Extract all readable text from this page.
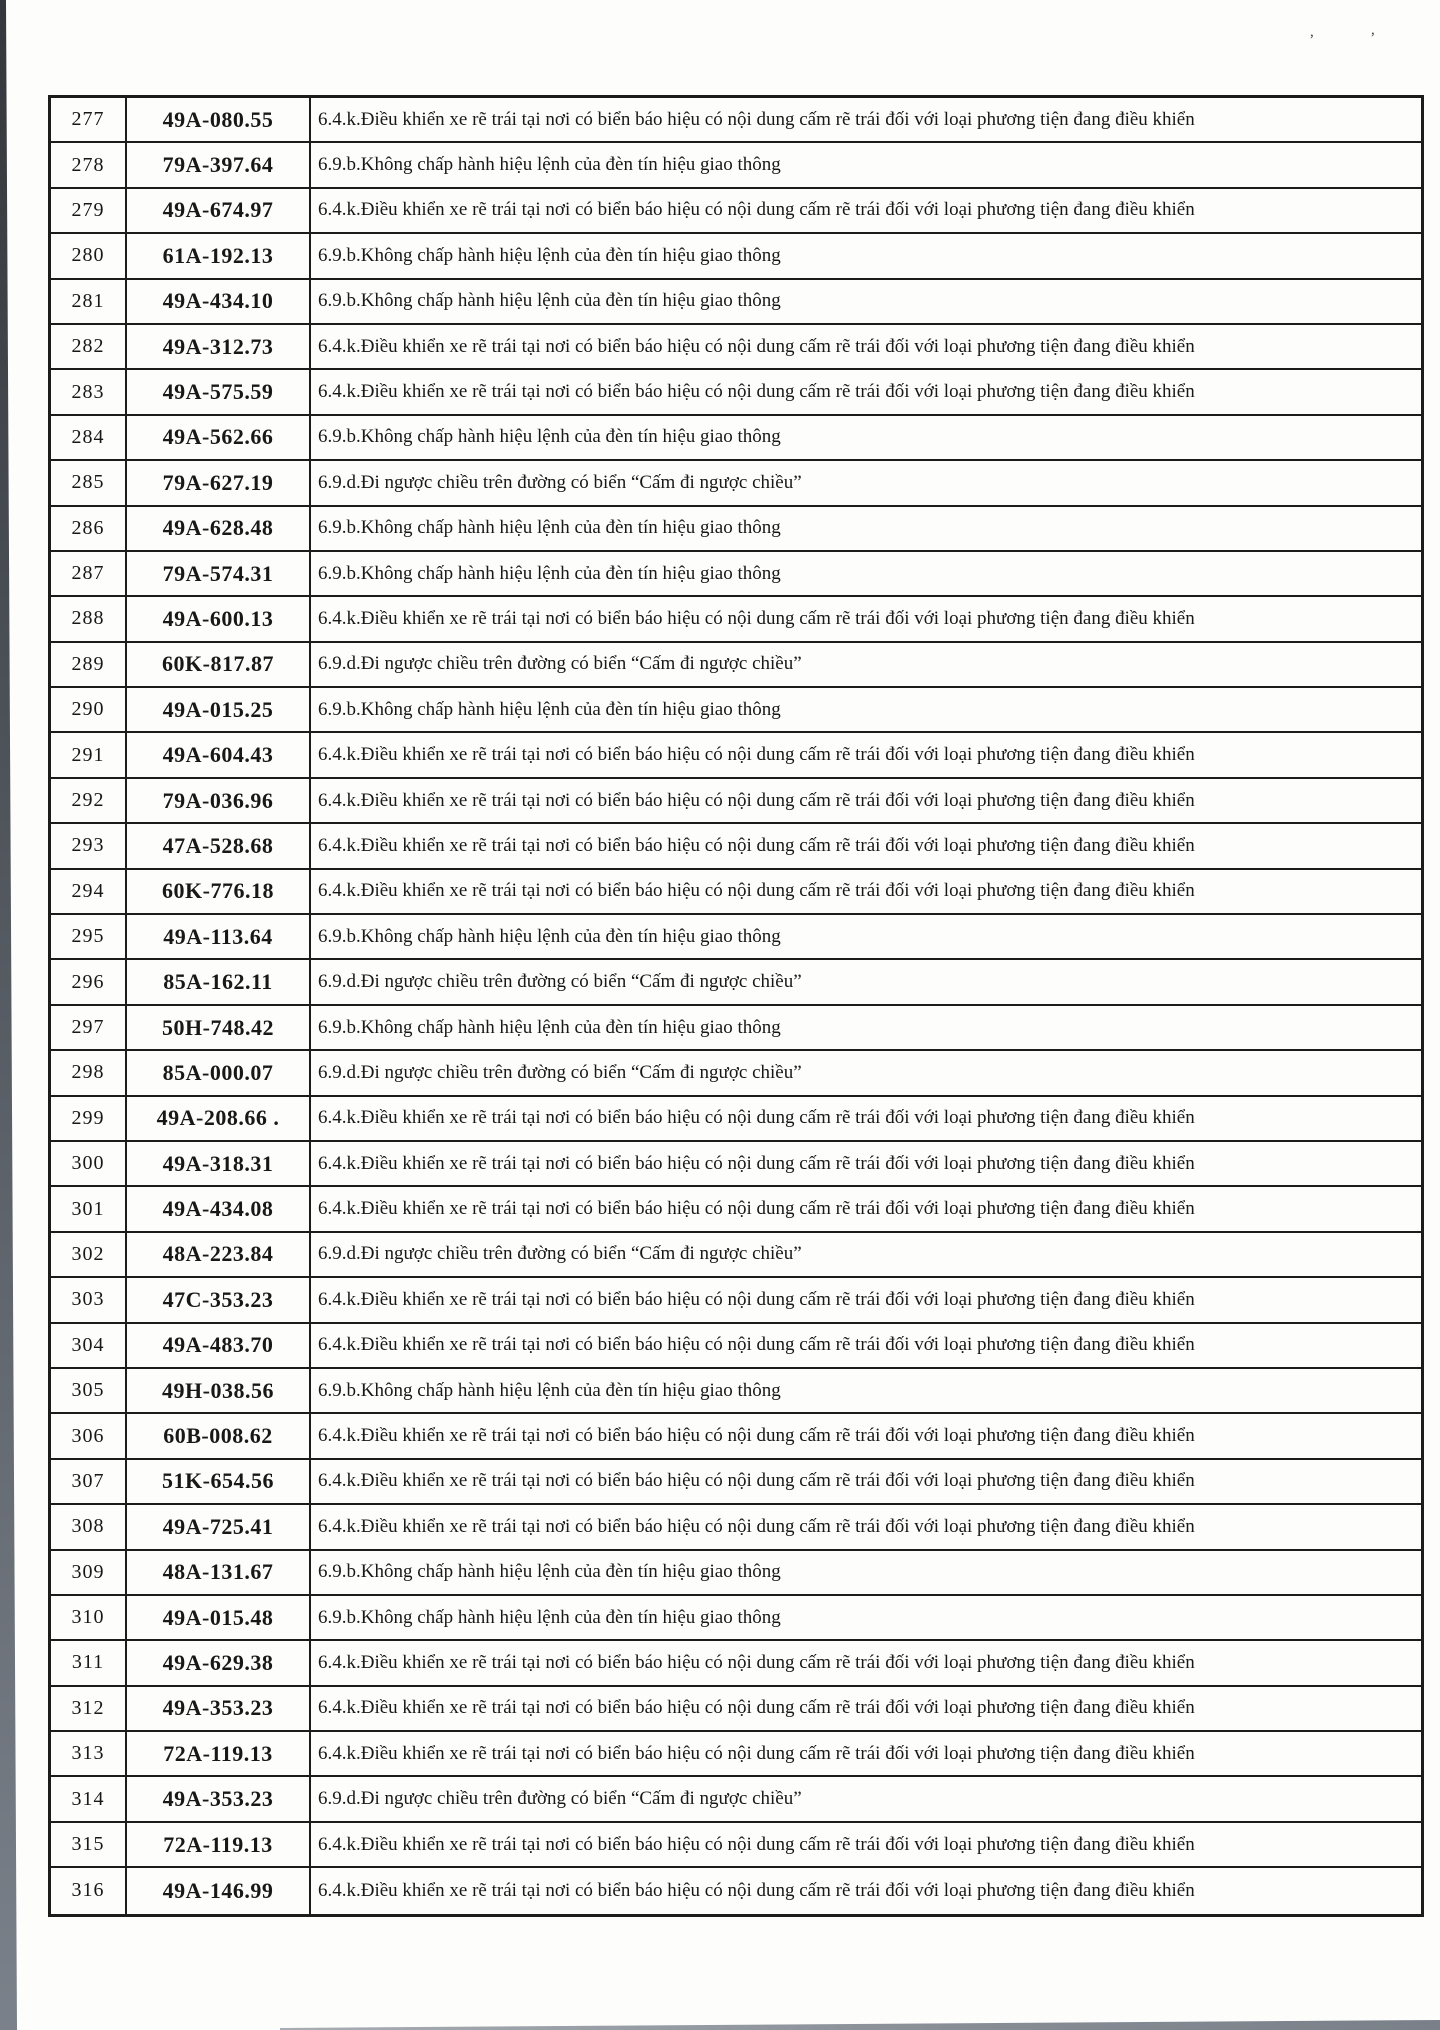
,	,
277	49A-080.55	6.4.k.Điều khiển xe rẽ trái tại nơi có biển báo hiệu có nội dung cấm rẽ trái đối với loại phương tiện đang điều khiển
278	79A-397.64	6.9.b.Không chấp hành hiệu lệnh của đèn tín hiệu giao thông
279	49A-674.97	6.4.k.Điều khiển xe rẽ trái tại nơi có biển báo hiệu có nội dung cấm rẽ trái đối với loại phương tiện đang điều khiển
280	61A-192.13	6.9.b.Không chấp hành hiệu lệnh của đèn tín hiệu giao thông
281	49A-434.10	6.9.b.Không chấp hành hiệu lệnh của đèn tín hiệu giao thông
282	49A-312.73	6.4.k.Điều khiển xe rẽ trái tại nơi có biển báo hiệu có nội dung cấm rẽ trái đối với loại phương tiện đang điều khiển
283	49A-575.59	6.4.k.Điều khiển xe rẽ trái tại nơi có biển báo hiệu có nội dung cấm rẽ trái đối với loại phương tiện đang điều khiển
284	49A-562.66	6.9.b.Không chấp hành hiệu lệnh của đèn tín hiệu giao thông
285	79A-627.19	6.9.d.Đi ngược chiều trên đường có biển “Cấm đi ngược chiều”
286	49A-628.48	6.9.b.Không chấp hành hiệu lệnh của đèn tín hiệu giao thông
287	79A-574.31	6.9.b.Không chấp hành hiệu lệnh của đèn tín hiệu giao thông
288	49A-600.13	6.4.k.Điều khiển xe rẽ trái tại nơi có biển báo hiệu có nội dung cấm rẽ trái đối với loại phương tiện đang điều khiển
289	60K-817.87	6.9.d.Đi ngược chiều trên đường có biển “Cấm đi ngược chiều”
290	49A-015.25	6.9.b.Không chấp hành hiệu lệnh của đèn tín hiệu giao thông
291	49A-604.43	6.4.k.Điều khiển xe rẽ trái tại nơi có biển báo hiệu có nội dung cấm rẽ trái đối với loại phương tiện đang điều khiển
292	79A-036.96	6.4.k.Điều khiển xe rẽ trái tại nơi có biển báo hiệu có nội dung cấm rẽ trái đối với loại phương tiện đang điều khiển
293	47A-528.68	6.4.k.Điều khiển xe rẽ trái tại nơi có biển báo hiệu có nội dung cấm rẽ trái đối với loại phương tiện đang điều khiển
294	60K-776.18	6.4.k.Điều khiển xe rẽ trái tại nơi có biển báo hiệu có nội dung cấm rẽ trái đối với loại phương tiện đang điều khiển
295	49A-113.64	6.9.b.Không chấp hành hiệu lệnh của đèn tín hiệu giao thông
296	85A-162.11	6.9.d.Đi ngược chiều trên đường có biển “Cấm đi ngược chiều”
297	50H-748.42	6.9.b.Không chấp hành hiệu lệnh của đèn tín hiệu giao thông
298	85A-000.07	6.9.d.Đi ngược chiều trên đường có biển “Cấm đi ngược chiều”
299	49A-208.66 .	6.4.k.Điều khiển xe rẽ trái tại nơi có biển báo hiệu có nội dung cấm rẽ trái đối với loại phương tiện đang điều khiển
300	49A-318.31	6.4.k.Điều khiển xe rẽ trái tại nơi có biển báo hiệu có nội dung cấm rẽ trái đối với loại phương tiện đang điều khiển
301	49A-434.08	6.4.k.Điều khiển xe rẽ trái tại nơi có biển báo hiệu có nội dung cấm rẽ trái đối với loại phương tiện đang điều khiển
302	48A-223.84	6.9.d.Đi ngược chiều trên đường có biển “Cấm đi ngược chiều”
303	47C-353.23	6.4.k.Điều khiển xe rẽ trái tại nơi có biển báo hiệu có nội dung cấm rẽ trái đối với loại phương tiện đang điều khiển
304	49A-483.70	6.4.k.Điều khiển xe rẽ trái tại nơi có biển báo hiệu có nội dung cấm rẽ trái đối với loại phương tiện đang điều khiển
305	49H-038.56	6.9.b.Không chấp hành hiệu lệnh của đèn tín hiệu giao thông
306	60B-008.62	6.4.k.Điều khiển xe rẽ trái tại nơi có biển báo hiệu có nội dung cấm rẽ trái đối với loại phương tiện đang điều khiển
307	51K-654.56	6.4.k.Điều khiển xe rẽ trái tại nơi có biển báo hiệu có nội dung cấm rẽ trái đối với loại phương tiện đang điều khiển
308	49A-725.41	6.4.k.Điều khiển xe rẽ trái tại nơi có biển báo hiệu có nội dung cấm rẽ trái đối với loại phương tiện đang điều khiển
309	48A-131.67	6.9.b.Không chấp hành hiệu lệnh của đèn tín hiệu giao thông
310	49A-015.48	6.9.b.Không chấp hành hiệu lệnh của đèn tín hiệu giao thông
311	49A-629.38	6.4.k.Điều khiển xe rẽ trái tại nơi có biển báo hiệu có nội dung cấm rẽ trái đối với loại phương tiện đang điều khiển
312	49A-353.23	6.4.k.Điều khiển xe rẽ trái tại nơi có biển báo hiệu có nội dung cấm rẽ trái đối với loại phương tiện đang điều khiển
313	72A-119.13	6.4.k.Điều khiển xe rẽ trái tại nơi có biển báo hiệu có nội dung cấm rẽ trái đối với loại phương tiện đang điều khiển
314	49A-353.23	6.9.d.Đi ngược chiều trên đường có biển “Cấm đi ngược chiều”
315	72A-119.13	6.4.k.Điều khiển xe rẽ trái tại nơi có biển báo hiệu có nội dung cấm rẽ trái đối với loại phương tiện đang điều khiển
316	49A-146.99	6.4.k.Điều khiển xe rẽ trái tại nơi có biển báo hiệu có nội dung cấm rẽ trái đối với loại phương tiện đang điều khiển
